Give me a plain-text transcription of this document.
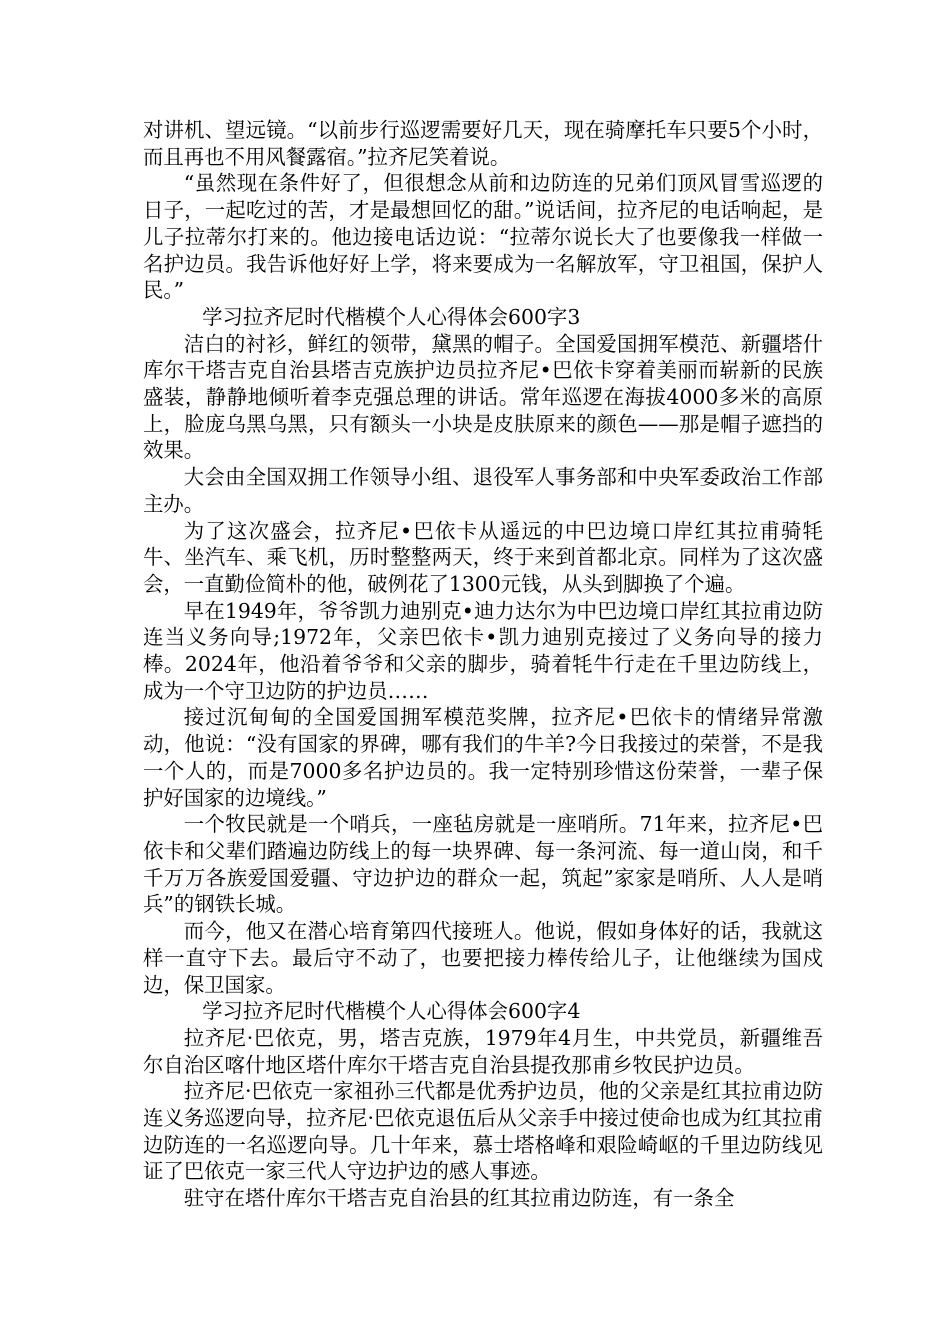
对讲机、望远镜。“以前步行巡逻需要好几天，现在骑摩托车只要5个小时，而且再也不用风餐露宿。”拉齐尼笑着说。

“虽然现在条件好了，但很想念从前和边防连的兄弟们顶风冒雪巡逻的日子，一起吃过的苦，才是最想回忆的甜。”说话间，拉齐尼的电话响起，是儿子拉蒂尔打来的。他边接电话边说：“拉蒂尔说长大了也要像我一样做一名护边员。我告诉他好好上学，将来要成为一名解放军，守卫祖国，保护人民。”

学习拉齐尼时代楷模个人心得体会600字3

洁白的衬衫，鲜红的领带，黛黑的帽子。全国爱国拥军模范、新疆塔什库尔干塔吉克自治县塔吉克族护边员拉齐尼•巴依卡穿着美丽而崭新的民族盛装，静静地倾听着李克强总理的讲话。常年巡逻在海拔4000多米的高原上，脸庞乌黑乌黑，只有额头一小块是皮肤原来的颜色——那是帽子遮挡的效果。

大会由全国双拥工作领导小组、退役军人事务部和中央军委政治工作部主办。

为了这次盛会，拉齐尼•巴依卡从遥远的中巴边境口岸红其拉甫骑牦牛、坐汽车、乘飞机，历时整整两天，终于来到首都北京。同样为了这次盛会，一直勤俭简朴的他，破例花了1300元钱，从头到脚换了个遍。

早在1949年，爷爷凯力迪别克•迪力达尔为中巴边境口岸红其拉甫边防连当义务向导;1972年，父亲巴依卡•凯力迪别克接过了义务向导的接力棒。2024年，他沿着爷爷和父亲的脚步，骑着牦牛行走在千里边防线上，成为一个守卫边防的护边员……

接过沉甸甸的全国爱国拥军模范奖牌，拉齐尼•巴依卡的情绪异常激动，他说：“没有国家的界碑，哪有我们的牛羊?今日我接过的荣誉，不是我一个人的，而是7000多名护边员的。我一定特别珍惜这份荣誉，一辈子保护好国家的边境线。”

一个牧民就是一个哨兵，一座毡房就是一座哨所。71年来，拉齐尼•巴依卡和父辈们踏遍边防线上的每一块界碑、每一条河流、每一道山岗，和千千万万各族爱国爱疆、守边护边的群众一起，筑起”家家是哨所、人人是哨兵”的钢铁长城。

而今，他又在潜心培育第四代接班人。他说，假如身体好的话，我就这样一直守下去。最后守不动了，也要把接力棒传给儿子，让他继续为国戍边，保卫国家。

学习拉齐尼时代楷模个人心得体会600字4

拉齐尼·巴依克，男，塔吉克族，1979年4月生，中共党员，新疆维吾尔自治区喀什地区塔什库尔干塔吉克自治县提孜那甫乡牧民护边员。

拉齐尼·巴依克一家祖孙三代都是优秀护边员，他的父亲是红其拉甫边防连义务巡逻向导，拉齐尼·巴依克退伍后从父亲手中接过使命也成为红其拉甫边防连的一名巡逻向导。几十年来，慕士塔格峰和艰险崎岖的千里边防线见证了巴依克一家三代人守边护边的感人事迹。

驻守在塔什库尔干塔吉克自治县的红其拉甫边防连，有一条全
